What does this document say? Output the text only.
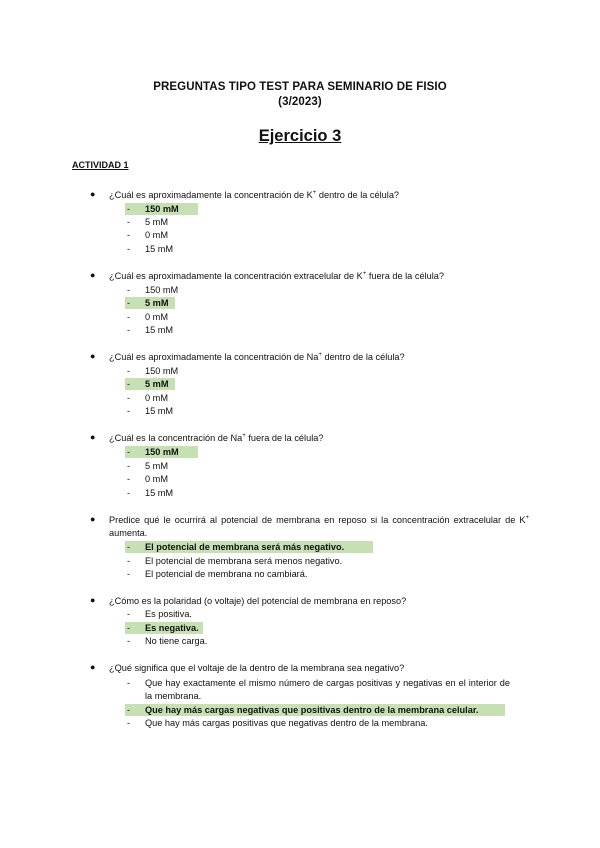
PREGUNTAS TIPO TEST PARA SEMINARIO DE FISIO
(3/2023)
Ejercicio 3
ACTIVIDAD 1
● ¿Cuál es aproximadamente la concentración de K+ dentro de la célula?
● ¿Cuál es aproximadamente la concentración extracelular de K+ fuera de la célula?
● ¿Cuál es aproximadamente la concentración de Na+ dentro de la célula?
● ¿Cuál es la concentración de Na+ fuera de la célula?
● Predice qué le ocurrirá al potencial de membrana en reposo si la concentración extracelular de K+ aumenta.
● ¿Cómo es la polaridad (o voltaje) del potencial de membrana en reposo?
● ¿Qué significa que el voltaje de la dentro de la membrana sea negativo?
- 150 mM
- 5 mM
- 0 mM
- 15 mM
- 150 mM
- 5 mM
- 0 mM
- 15 mM
- 150 mM
- 5 mM
- 0 mM
- 15 mM
- 150 mM
- 5 mM
- 0 mM
- 15 mM
- El potencial de membrana será más negativo.
- El potencial de membrana será menos negativo.
- El potencial de membrana no cambiará.
- Es positiva.
- Es negativa.
- No tiene carga.
- Que hay exactamente el mismo número de cargas positivas y negativas en el interior de la membrana.
- Que hay más cargas negativas que positivas dentro de la membrana celular.
- Que hay más cargas positivas que negativas dentro de la membrana.
